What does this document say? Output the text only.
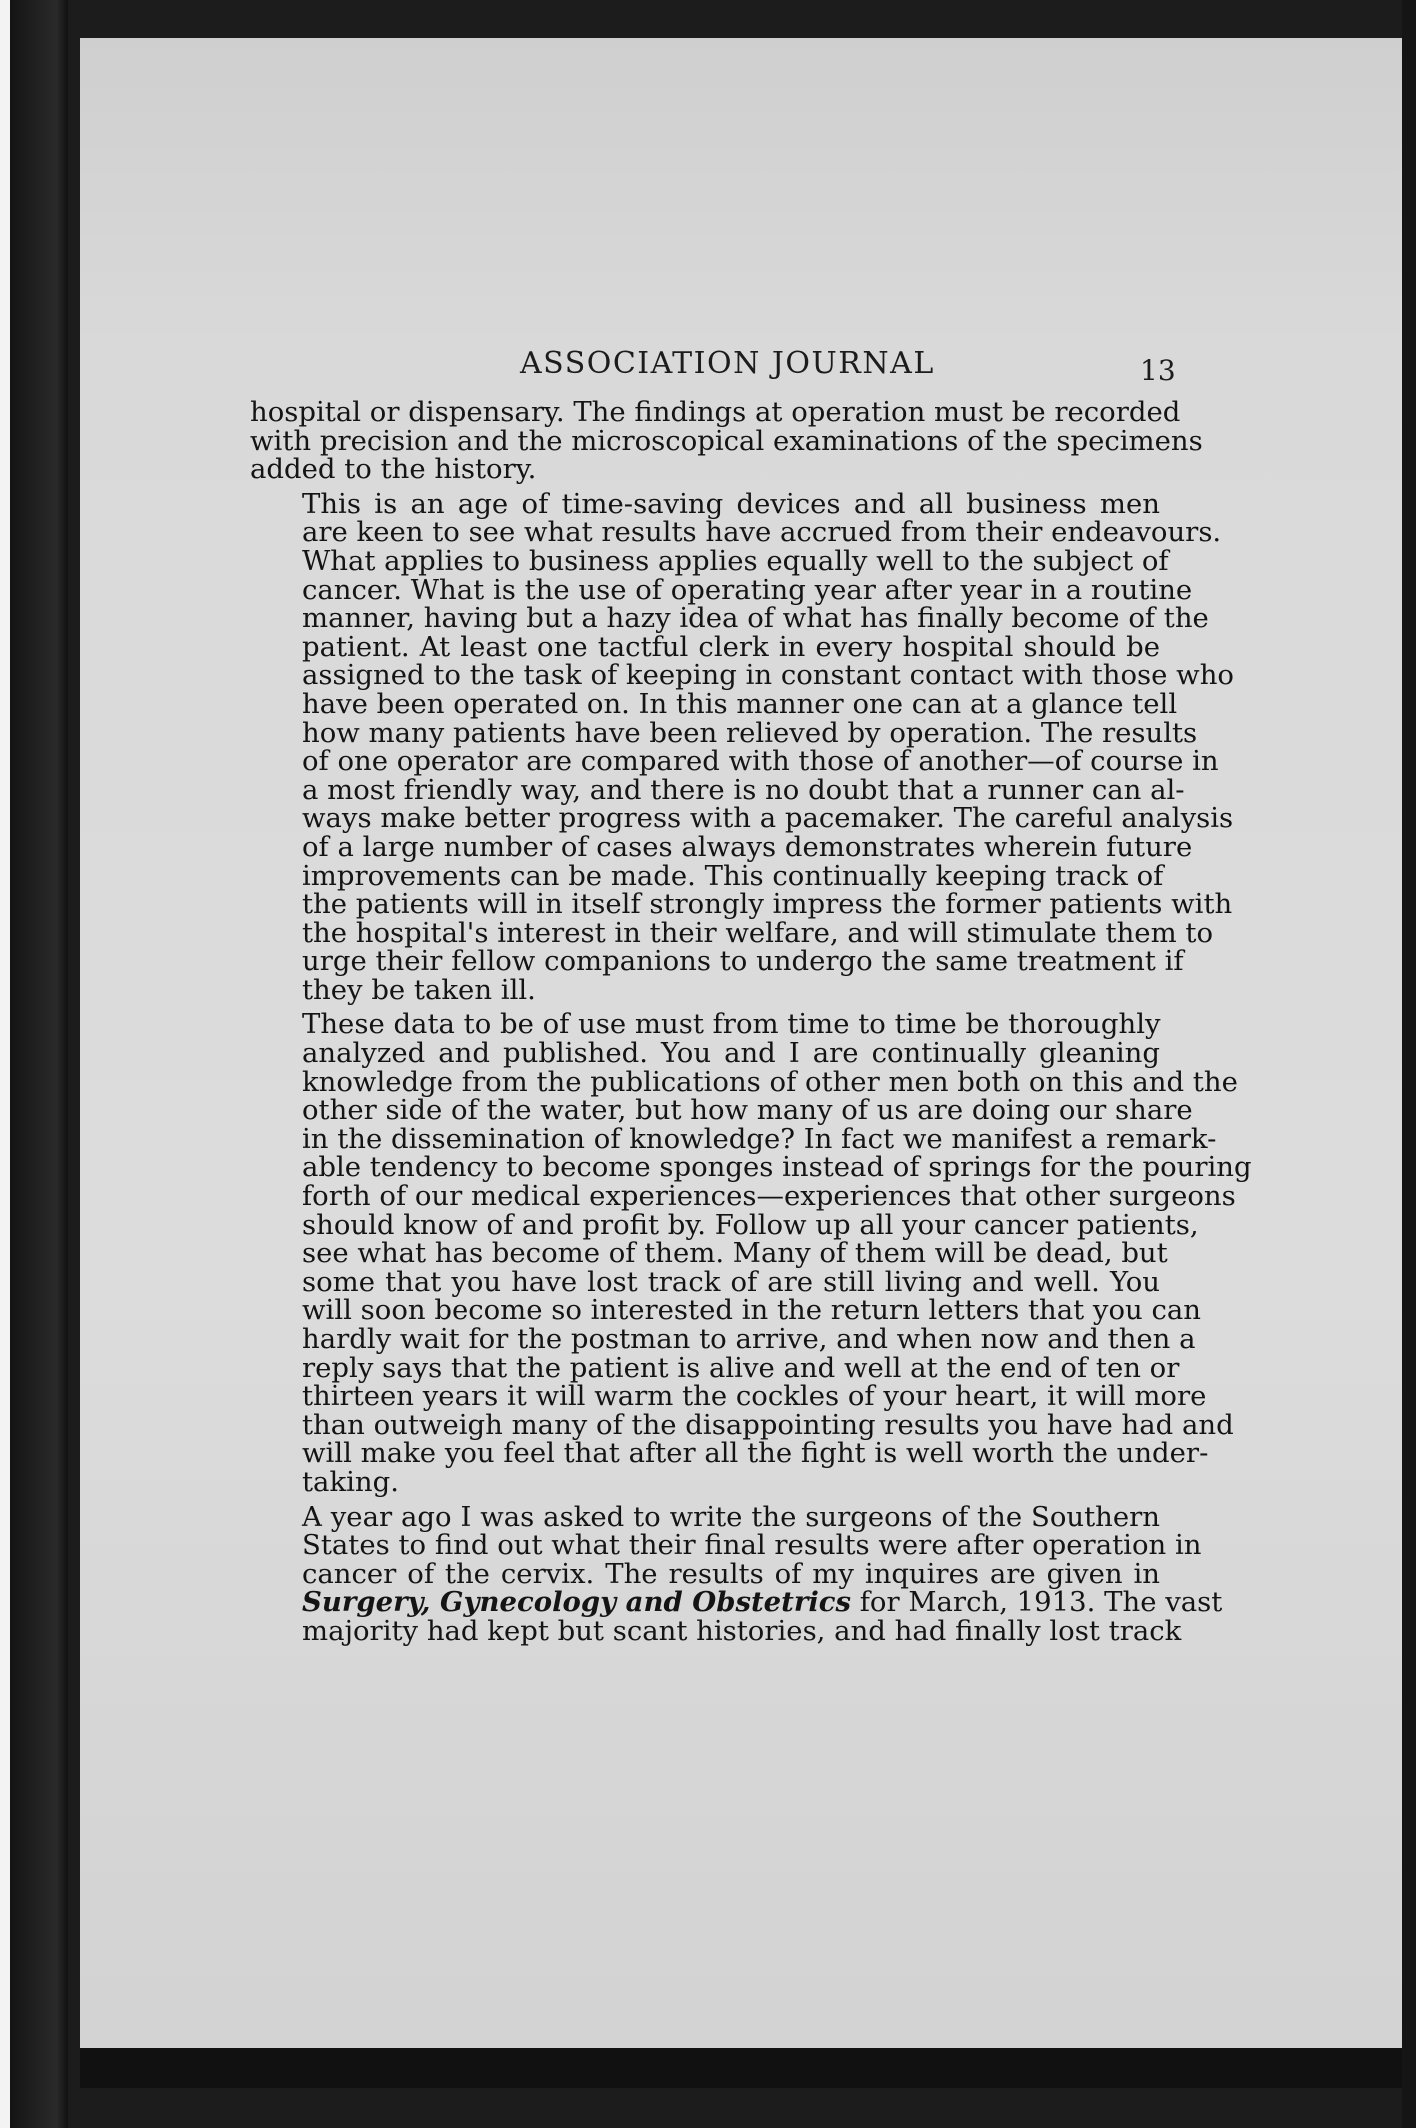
ASSOCIATION JOURNAL	13
hospital or dispensary. The findings at operation must be recorded
with precision and the microscopical examinations of the specimens
added to the history.
This is an age of time-saving devices and all business men
are keen to see what results have accrued from their endeavours.
What applies to business applies equally well to the subject of
cancer. What is the use of operating year after year in a routine
manner, having but a hazy idea of what has finally become of the
patient. At least one tactful clerk in every hospital should be
assigned to the task of keeping in constant contact with those who
have been operated on. In this manner one can at a glance tell
how many patients have been relieved by operation. The results
of one operator are compared with those of another—of course in
a most friendly way, and there is no doubt that a runner can al-
ways make better progress with a pacemaker. The careful analysis
of a large number of cases always demonstrates wherein future
improvements can be made. This continually keeping track of
the patients will in itself strongly impress the former patients with
the hospital's interest in their welfare, and will stimulate them to
urge their fellow companions to undergo the same treatment if
they be taken ill.
These data to be of use must from time to time be thoroughly
analyzed and published. You and I are continually gleaning
knowledge from the publications of other men both on this and the
other side of the water, but how many of us are doing our share
in the dissemination of knowledge? In fact we manifest a remark-
able tendency to become sponges instead of springs for the pouring
forth of our medical experiences—experiences that other surgeons
should know of and profit by. Follow up all your cancer patients,
see what has become of them. Many of them will be dead, but
some that you have lost track of are still living and well. You
will soon become so interested in the return letters that you can
hardly wait for the postman to arrive, and when now and then a
reply says that the patient is alive and well at the end of ten or
thirteen years it will warm the cockles of your heart, it will more
than outweigh many of the disappointing results you have had and
will make you feel that after all the fight is well worth the under-
taking.
A year ago I was asked to write the surgeons of the Southern
States to find out what their final results were after operation in
cancer of the cervix. The results of my inquires are given in
Surgery, Gynecology and Obstetrics for March, 1913. The vast
majority had kept but scant histories, and had finally lost track
